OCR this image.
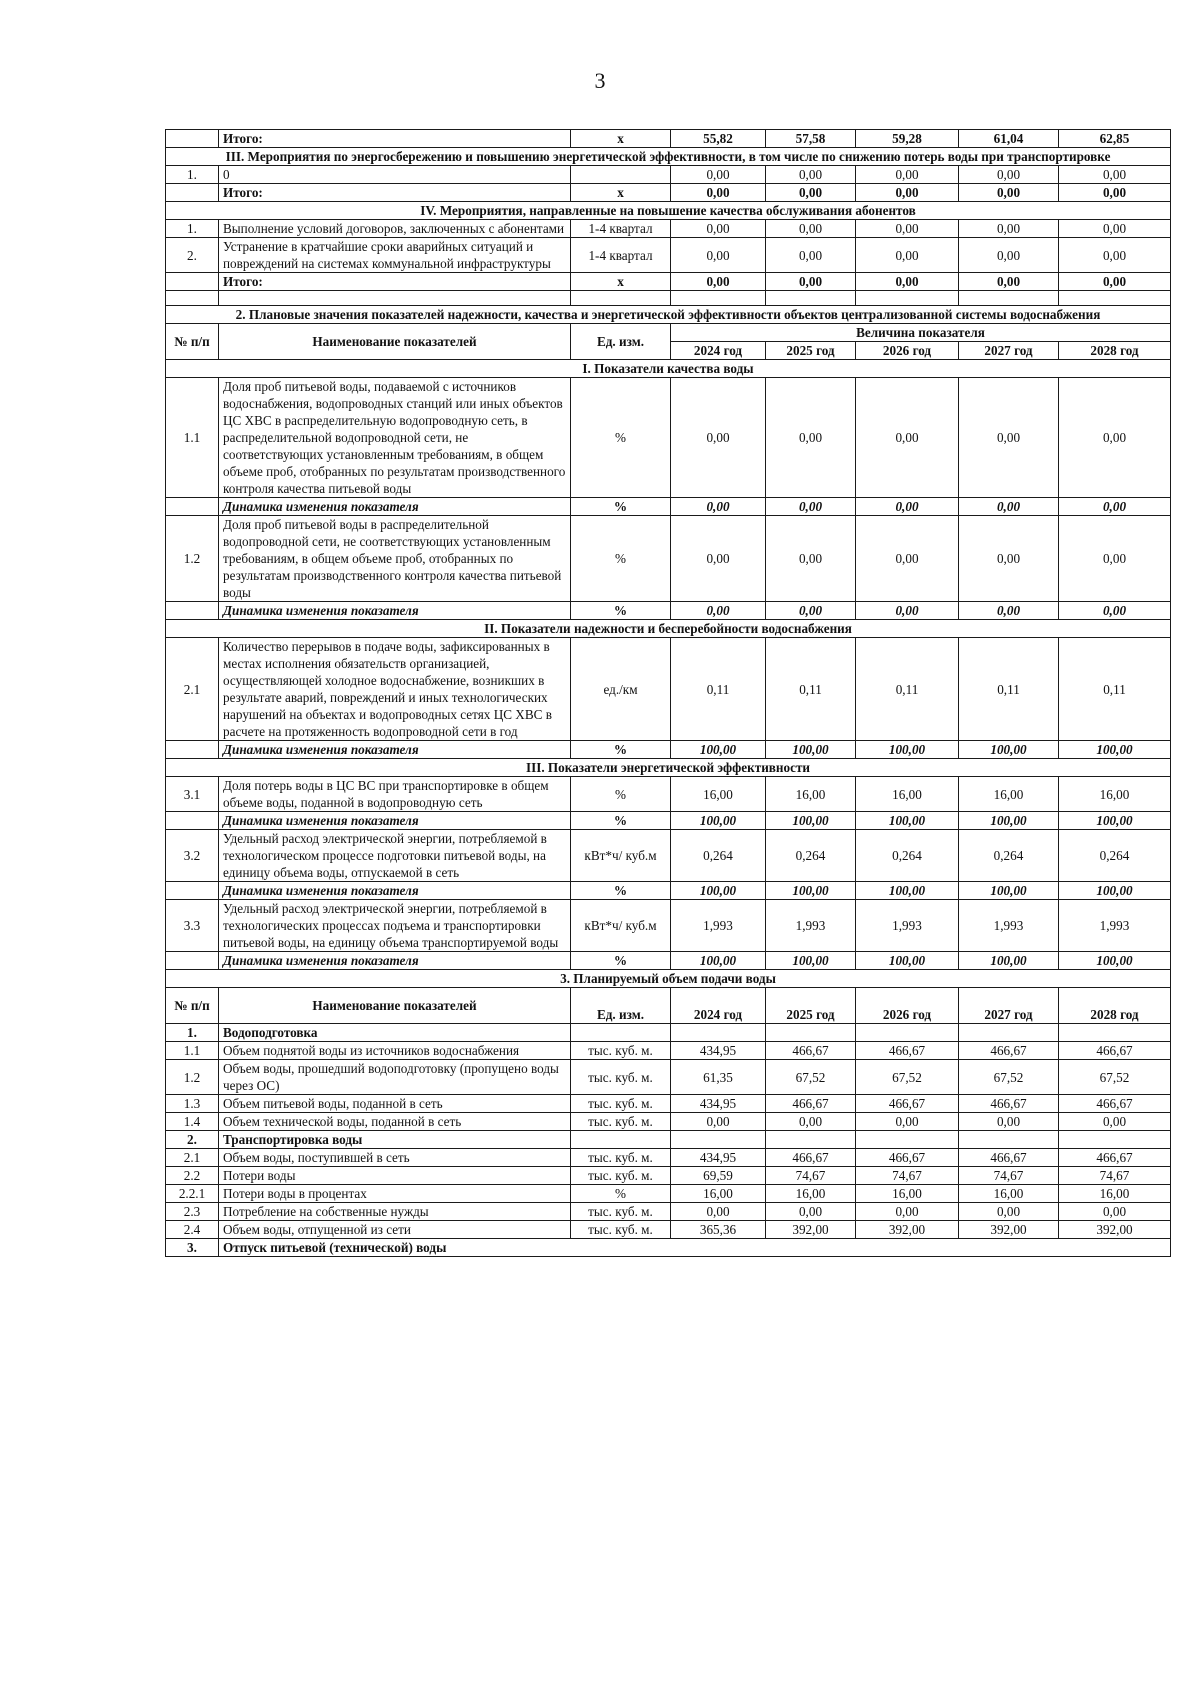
3
	Итого:	х	55,82	57,58	59,28	61,04	62,85
III. Мероприятия по энергосбережению и повышению энергетической эффективности, в том числе по снижению потерь воды при транспортировке							
1.	0		0,00	0,00	0,00	0,00	0,00
	Итого:	х	0,00	0,00	0,00	0,00	0,00
IV. Мероприятия, направленные на повышение качества обслуживания абонентов							
1.	Выполнение условий договоров, заключенных с абонентами	1-4 квартал	0,00	0,00	0,00	0,00	0,00
2.	Устранение в кратчайшие сроки аварийных ситуаций и повреждений на системах коммунальной инфраструктуры	1-4 квартал	0,00	0,00	0,00	0,00	0,00
	Итого:	х	0,00	0,00	0,00	0,00	0,00

2. Плановые значения показателей надежности, качества и энергетической эффективности объектов централизованной системы водоснабжения							
№ п/п	Наименование показателей	Ед. изм.	Величина показателя				
			2024 год	2025 год	2026 год	2027 год	2028 год
I. Показатели качества воды							
1.1	Доля проб питьевой воды, подаваемой с источников водоснабжения, водопроводных станций или иных объектов ЦС ХВС в распределительную водопроводную сеть, в распределительной водопроводной сети, не соответствующих установленным требованиям, в общем объеме проб, отобранных по результатам производственного контроля качества питьевой воды	%	0,00	0,00	0,00	0,00	0,00
	Динамика изменения показателя	%	0,00	0,00	0,00	0,00	0,00
1.2	Доля проб питьевой воды в распределительной водопроводной сети, не соответствующих установленным требованиям, в общем объеме проб, отобранных по результатам производственного контроля качества питьевой воды	%	0,00	0,00	0,00	0,00	0,00
	Динамика изменения показателя	%	0,00	0,00	0,00	0,00	0,00
II. Показатели надежности и бесперебойности водоснабжения							
2.1	Количество перерывов в подаче воды, зафиксированных в местах исполнения обязательств организацией, осуществляющей холодное водоснабжение, возникших в результате аварий, повреждений и иных технологических нарушений на объектах и водопроводных сетях ЦС ХВС в расчете на протяженность водопроводной сети в год	ед./км	0,11	0,11	0,11	0,11	0,11
	Динамика изменения показателя	%	100,00	100,00	100,00	100,00	100,00
III. Показатели энергетической эффективности							
3.1	Доля потерь воды в ЦС ВС при транспортировке в общем объеме воды, поданной в водопроводную сеть	%	16,00	16,00	16,00	16,00	16,00
	Динамика изменения показателя	%	100,00	100,00	100,00	100,00	100,00
3.2	Удельный расход электрической энергии, потребляемой в технологическом процессе подготовки питьевой воды, на единицу объема воды, отпускаемой в сеть	кВт*ч/ куб.м	0,264	0,264	0,264	0,264	0,264
	Динамика изменения показателя	%	100,00	100,00	100,00	100,00	100,00
3.3	Удельный расход электрической энергии, потребляемой в технологических процессах подъема и транспортировки питьевой воды, на единицу объема транспортируемой воды	кВт*ч/ куб.м	1,993	1,993	1,993	1,993	1,993
	Динамика изменения показателя	%	100,00	100,00	100,00	100,00	100,00
3. Планируемый объем подачи воды							
№ п/п	Наименование показателей	Ед. изм.	2024 год	2025 год	2026 год	2027 год	2028 год
1.	Водоподготовка						
1.1	Объем поднятой воды из источников водоснабжения	тыс. куб. м.	434,95	466,67	466,67	466,67	466,67
1.2	Объем воды, прошедший водоподготовку (пропущено воды через ОС)	тыс. куб. м.	61,35	67,52	67,52	67,52	67,52
1.3	Объем питьевой воды, поданной в сеть	тыс. куб. м.	434,95	466,67	466,67	466,67	466,67
1.4	Объем технической воды, поданной в сеть	тыс. куб. м.	0,00	0,00	0,00	0,00	0,00
2.	Транспортировка воды						
2.1	Объем воды, поступившей в сеть	тыс. куб. м.	434,95	466,67	466,67	466,67	466,67
2.2	Потери воды	тыс. куб. м.	69,59	74,67	74,67	74,67	74,67
2.2.1	Потери воды в процентах	%	16,00	16,00	16,00	16,00	16,00
2.3	Потребление на собственные нужды	тыс. куб. м.	0,00	0,00	0,00	0,00	0,00
2.4	Объем воды, отпущенной из сети	тыс. куб. м.	365,36	392,00	392,00	392,00	392,00
3.	Отпуск питьевой (технической) воды						
